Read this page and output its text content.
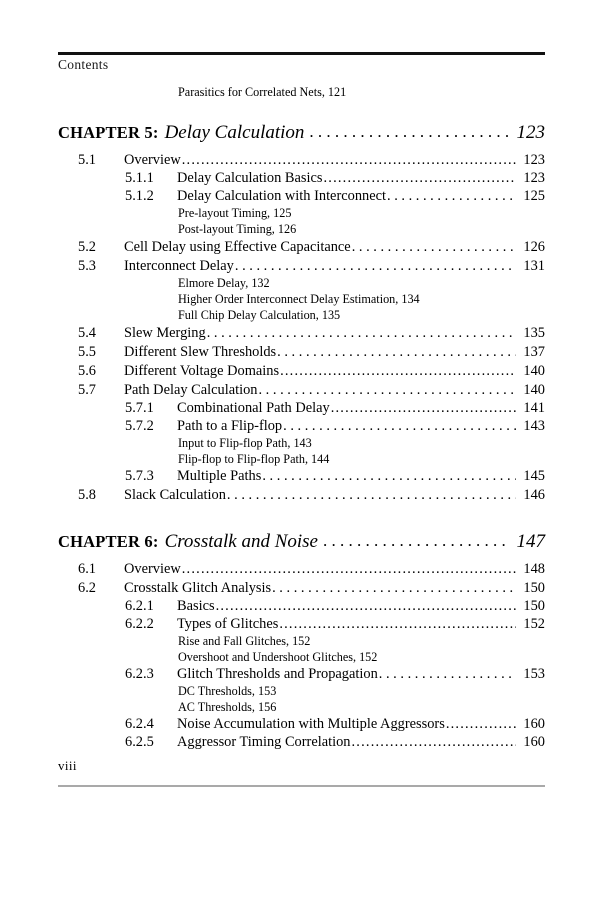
Contents
Parasitics for Correlated Nets, 121
CHAPTER 5: Delay Calculation . . .	123
5.1	Overview .....	123
5.1.1	Delay Calculation Basics .....	123
5.1.2	Delay Calculation with Interconnect . . .	125
Pre-layout Timing, 125
Post-layout Timing, 126
5.2	Cell Delay using Effective Capacitance . . .	126
5.3	Interconnect Delay . . .	131
Elmore Delay, 132
Higher Order Interconnect Delay Estimation, 134
Full Chip Delay Calculation, 135
5.4	Slew Merging . . .	135
5.5	Different Slew Thresholds . . .	137
5.6	Different Voltage Domains .....	140
5.7	Path Delay Calculation . . .	140
5.7.1	Combinational Path Delay .....	141
5.7.2	Path to a Flip-flop . . .	143
Input to Flip-flop Path, 143
Flip-flop to Flip-flop Path, 144
5.7.3	Multiple Paths . . .	145
5.8	Slack Calculation . . .	146
CHAPTER 6: Crosstalk and Noise . . .	147
6.1	Overview .....	148
6.2	Crosstalk Glitch Analysis . . .	150
6.2.1	Basics .....	150
6.2.2	Types of Glitches .....	152
Rise and Fall Glitches, 152
Overshoot and Undershoot Glitches, 152
6.2.3	Glitch Thresholds and Propagation . . .	153
DC Thresholds, 153
AC Thresholds, 156
6.2.4	Noise Accumulation with Multiple Aggressors .....	160
6.2.5	Aggressor Timing Correlation .....	160
viii
